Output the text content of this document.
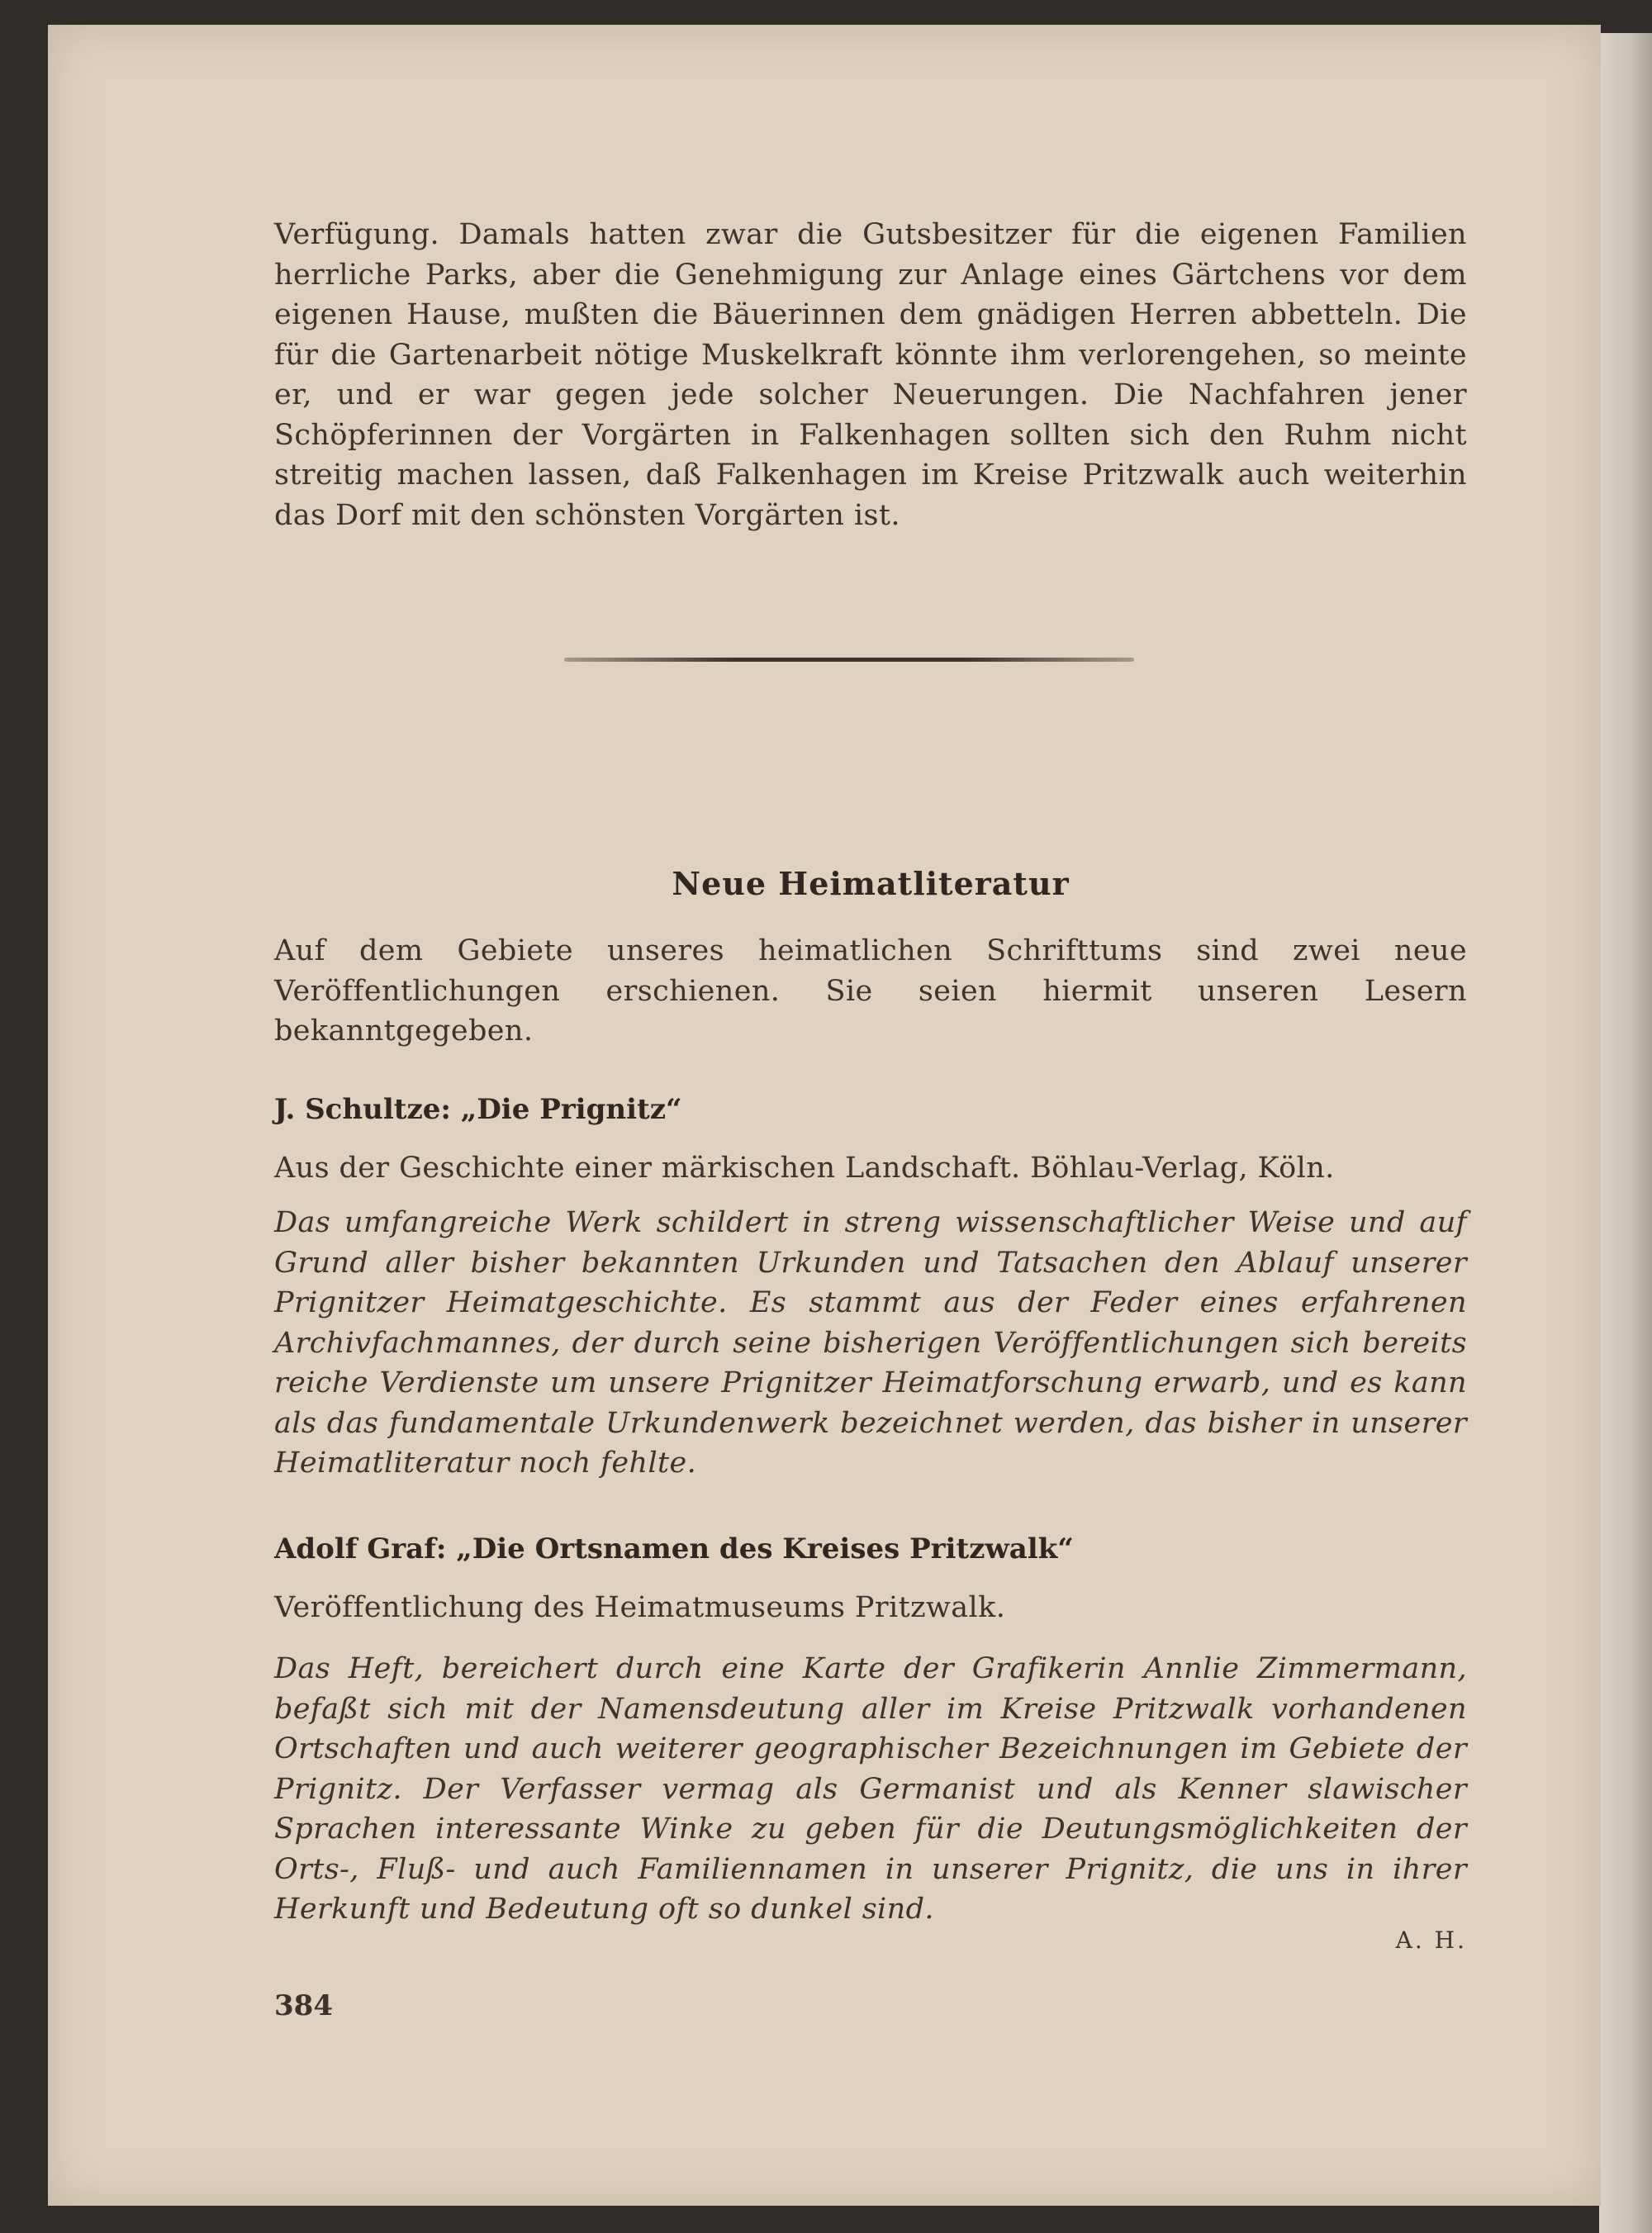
Verfügung. Damals hatten zwar die Gutsbesitzer für die eigenen Familien herrliche Parks, aber die Genehmigung zur Anlage eines Gärtchens vor dem eigenen Hause, mußten die Bäuerinnen dem gnädigen Herren abbetteln. Die für die Gartenarbeit nötige Muskelkraft könnte ihm verlorengehen, so meinte er, und er war gegen jede solcher Neuerungen. Die Nachfahren jener Schöpferinnen der Vorgärten in Falkenhagen sollten sich den Ruhm nicht streitig machen lassen, daß Falkenhagen im Kreise Pritzwalk auch weiterhin das Dorf mit den schönsten Vorgärten ist.

Neue Heimatliteratur

Auf dem Gebiete unseres heimatlichen Schrifttums sind zwei neue Veröffentlichungen erschienen. Sie seien hiermit unseren Lesern bekanntgegeben.

J. Schultze: „Die Prignitz“

Aus der Geschichte einer märkischen Landschaft. Böhlau-Verlag, Köln.

Das umfangreiche Werk schildert in streng wissenschaftlicher Weise und auf Grund aller bisher bekannten Urkunden und Tatsachen den Ablauf unserer Prignitzer Heimatgeschichte. Es stammt aus der Feder eines erfahrenen Archivfachmannes, der durch seine bisherigen Veröffentlichungen sich bereits reiche Verdienste um unsere Prignitzer Heimatforschung erwarb, und es kann als das fundamentale Urkundenwerk bezeichnet werden, das bisher in unserer Heimatliteratur noch fehlte.

Adolf Graf: „Die Ortsnamen des Kreises Pritzwalk“

Veröffentlichung des Heimatmuseums Pritzwalk.

Das Heft, bereichert durch eine Karte der Grafikerin Annlie Zimmermann, befaßt sich mit der Namensdeutung aller im Kreise Pritzwalk vorhandenen Ortschaften und auch weiterer geographischer Bezeichnungen im Gebiete der Prignitz. Der Verfasser vermag als Germanist und als Kenner slawischer Sprachen interessante Winke zu geben für die Deutungsmöglichkeiten der Orts-, Fluß- und auch Familiennamen in unserer Prignitz, die uns in ihrer Herkunft und Bedeutung oft so dunkel sind.

A. H.
384
